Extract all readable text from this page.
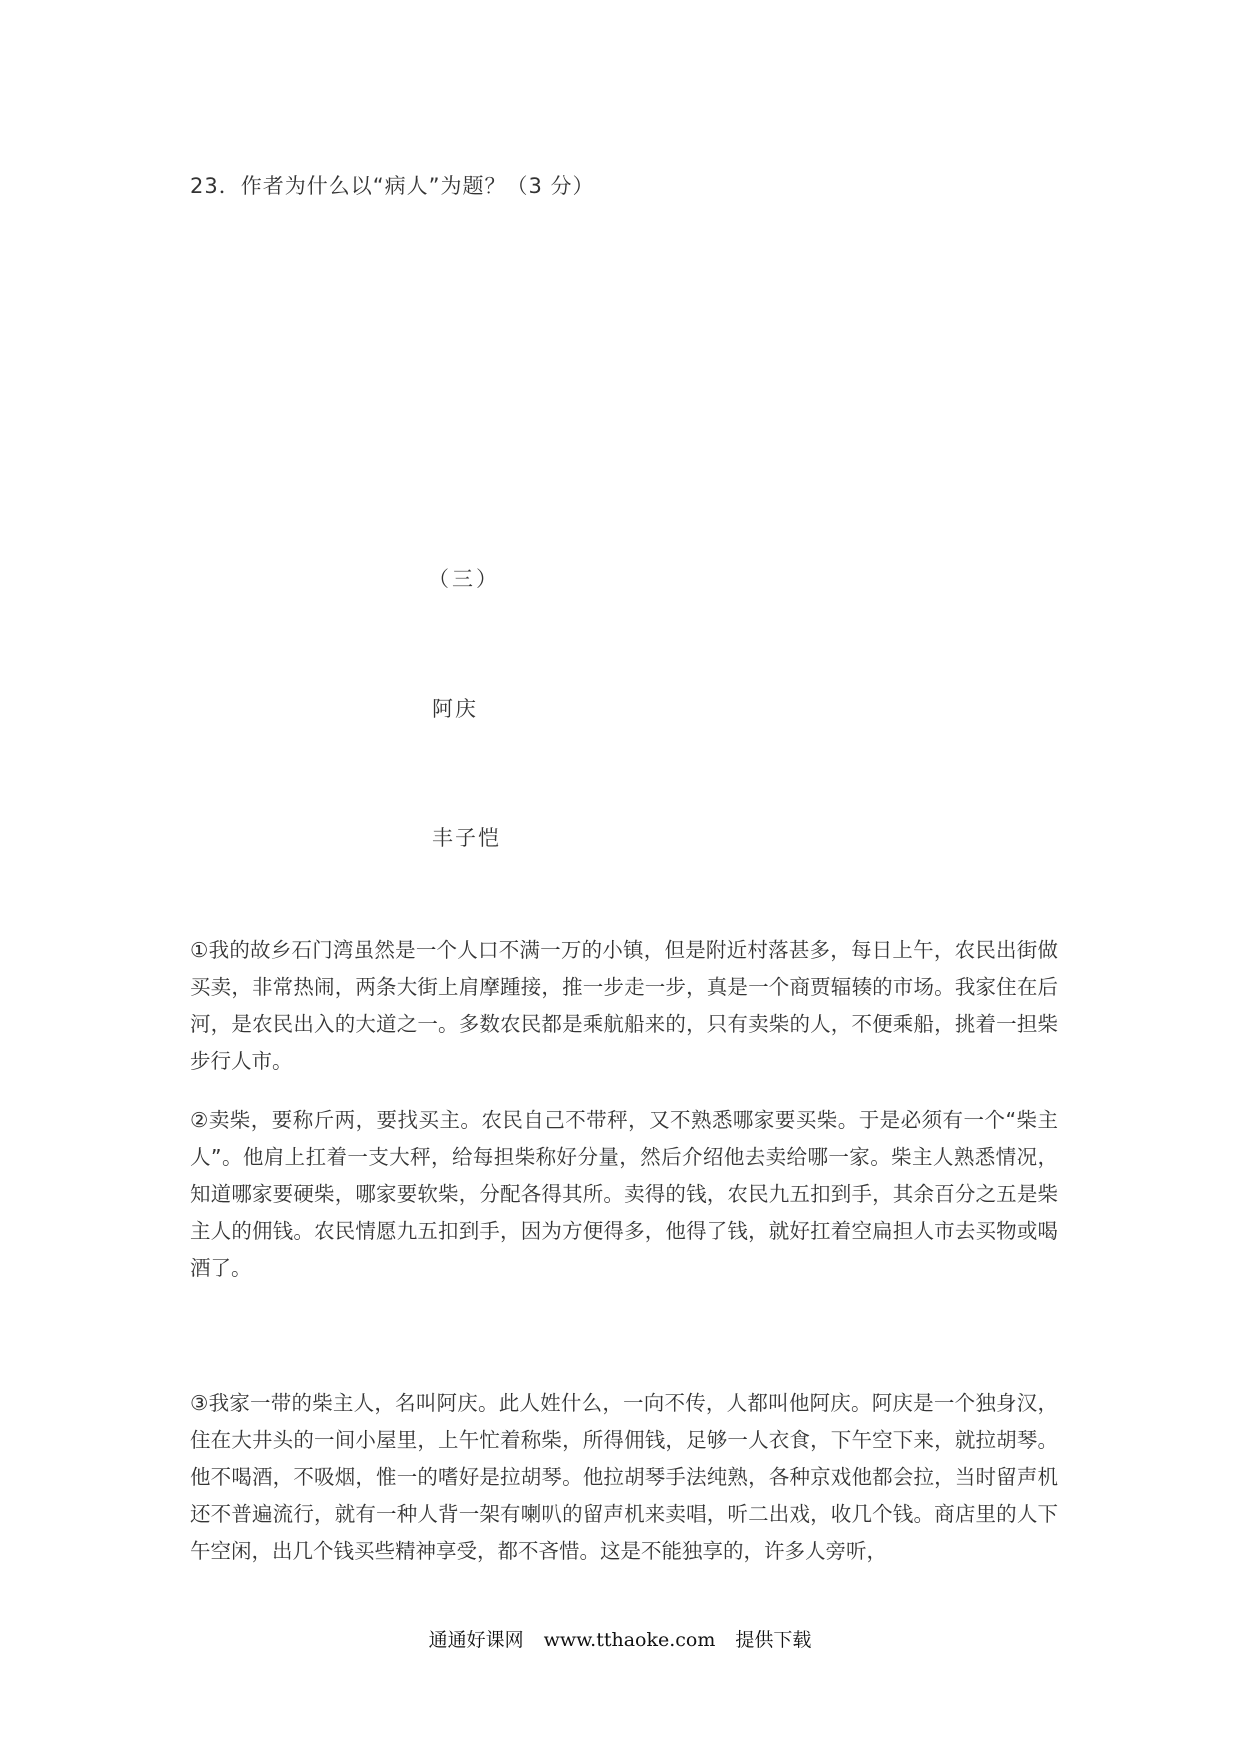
23．作者为什么以“病人”为题？（3 分）
（三）
阿庆
丰子恺

①我的故乡石门湾虽然是一个人口不满一万的小镇，但是附近村落甚多，每日上午，农民出街做买卖，非常热闹，两条大街上肩摩踵接，推一步走一步，真是一个商贾辐辏的市场。我家住在后河，是农民出入的大道之一。多数农民都是乘航船来的，只有卖柴的人，不便乘船，挑着一担柴步行人市。

②卖柴，要称斤两，要找买主。农民自己不带秤，又不熟悉哪家要买柴。于是必须有一个“柴主人”。他肩上扛着一支大秤，给每担柴称好分量，然后介绍他去卖给哪一家。柴主人熟悉情况，知道哪家要硬柴，哪家要软柴，分配各得其所。卖得的钱，农民九五扣到手，其余百分之五是柴主人的佣钱。农民情愿九五扣到手，因为方便得多，他得了钱，就好扛着空扁担人市去买物或喝酒了。

③我家一带的柴主人，名叫阿庆。此人姓什么，一向不传，人都叫他阿庆。阿庆是一个独身汉，住在大井头的一间小屋里，上午忙着称柴，所得佣钱，足够一人衣食，下午空下来，就拉胡琴。他不喝酒，不吸烟，惟一的嗜好是拉胡琴。他拉胡琴手法纯熟，各种京戏他都会拉，当时留声机还不普遍流行，就有一种人背一架有喇叭的留声机来卖唱，听二出戏，收几个钱。商店里的人下午空闲，出几个钱买些精神享受，都不吝惜。这是不能独享的，许多人旁听，

通通好课网 www.tthaoke.com 提供下载
